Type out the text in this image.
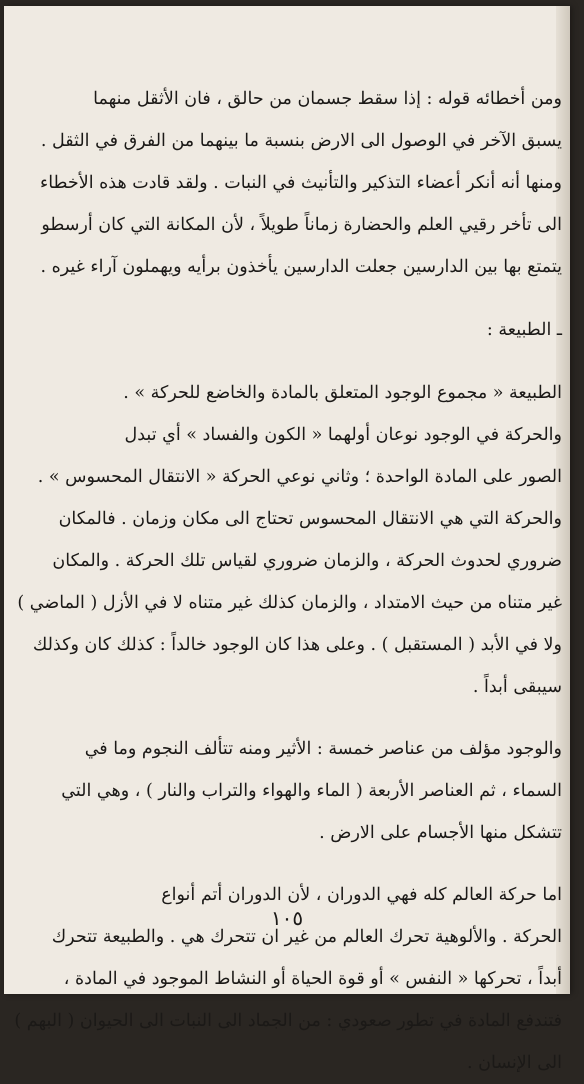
ومن أخطائه قوله : إذا سقط جسمان من حالق ، فان الأثقل منهما
يسبق الآخر في الوصول الى الارض بنسبة ما بينهما من الفرق في الثقل .
ومنها أنه أنكر أعضاء التذكير والتأنيث في النبات . ولقد قادت هذه الأخطاء
الى تأخر رقيي العلم والحضارة زماناً طويلاً ، لأن المكانة التي كان أرسطو
يتمتع بها بين الدارسين جعلت الدارسين يأخذون برأيه ويهملون آراء غيره .
ـ الطبيعة :
الطبيعة « مجموع الوجود المتعلق بالمادة والخاضع للحركة » .
والحركة في الوجود نوعان أولهما « الكون والفساد » أي تبدل
الصور على المادة الواحدة ؛ وثاني نوعي الحركة « الانتقال المحسوس » .
والحركة التي هي الانتقال المحسوس تحتاج الى مكان وزمان . فالمكان
ضروري لحدوث الحركة ، والزمان ضروري لقياس تلك الحركة . والمكان
غير متناه من حيث الامتداد ، والزمان كذلك غير متناه لا في الأزل ( الماضي )
ولا في الأبد ( المستقبل ) . وعلى هذا كان الوجود خالداً : كذلك كان وكذلك
سيبقى أبداً .
والوجود مؤلف من عناصر خمسة : الأثير ومنه تتألف النجوم وما في
السماء ، ثم العناصر الأربعة ( الماء والهواء والتراب والنار ) ، وهي التي
تتشكل منها الأجسام على الارض .
اما حركة العالم كله فهي الدوران ، لأن الدوران أتم أنواع
الحركة . والألوهية تحرك العالم من غير ان تتحرك هي . والطبيعة تتحرك
أبداً ، تحركها « النفس » أو قوة الحياة أو النشاط الموجود في المادة ،
فتندفع المادة في تطور صعودي : من الجماد الى النبات الى الحيوان ( البهم )
الى الإنسان .
١٠٥
